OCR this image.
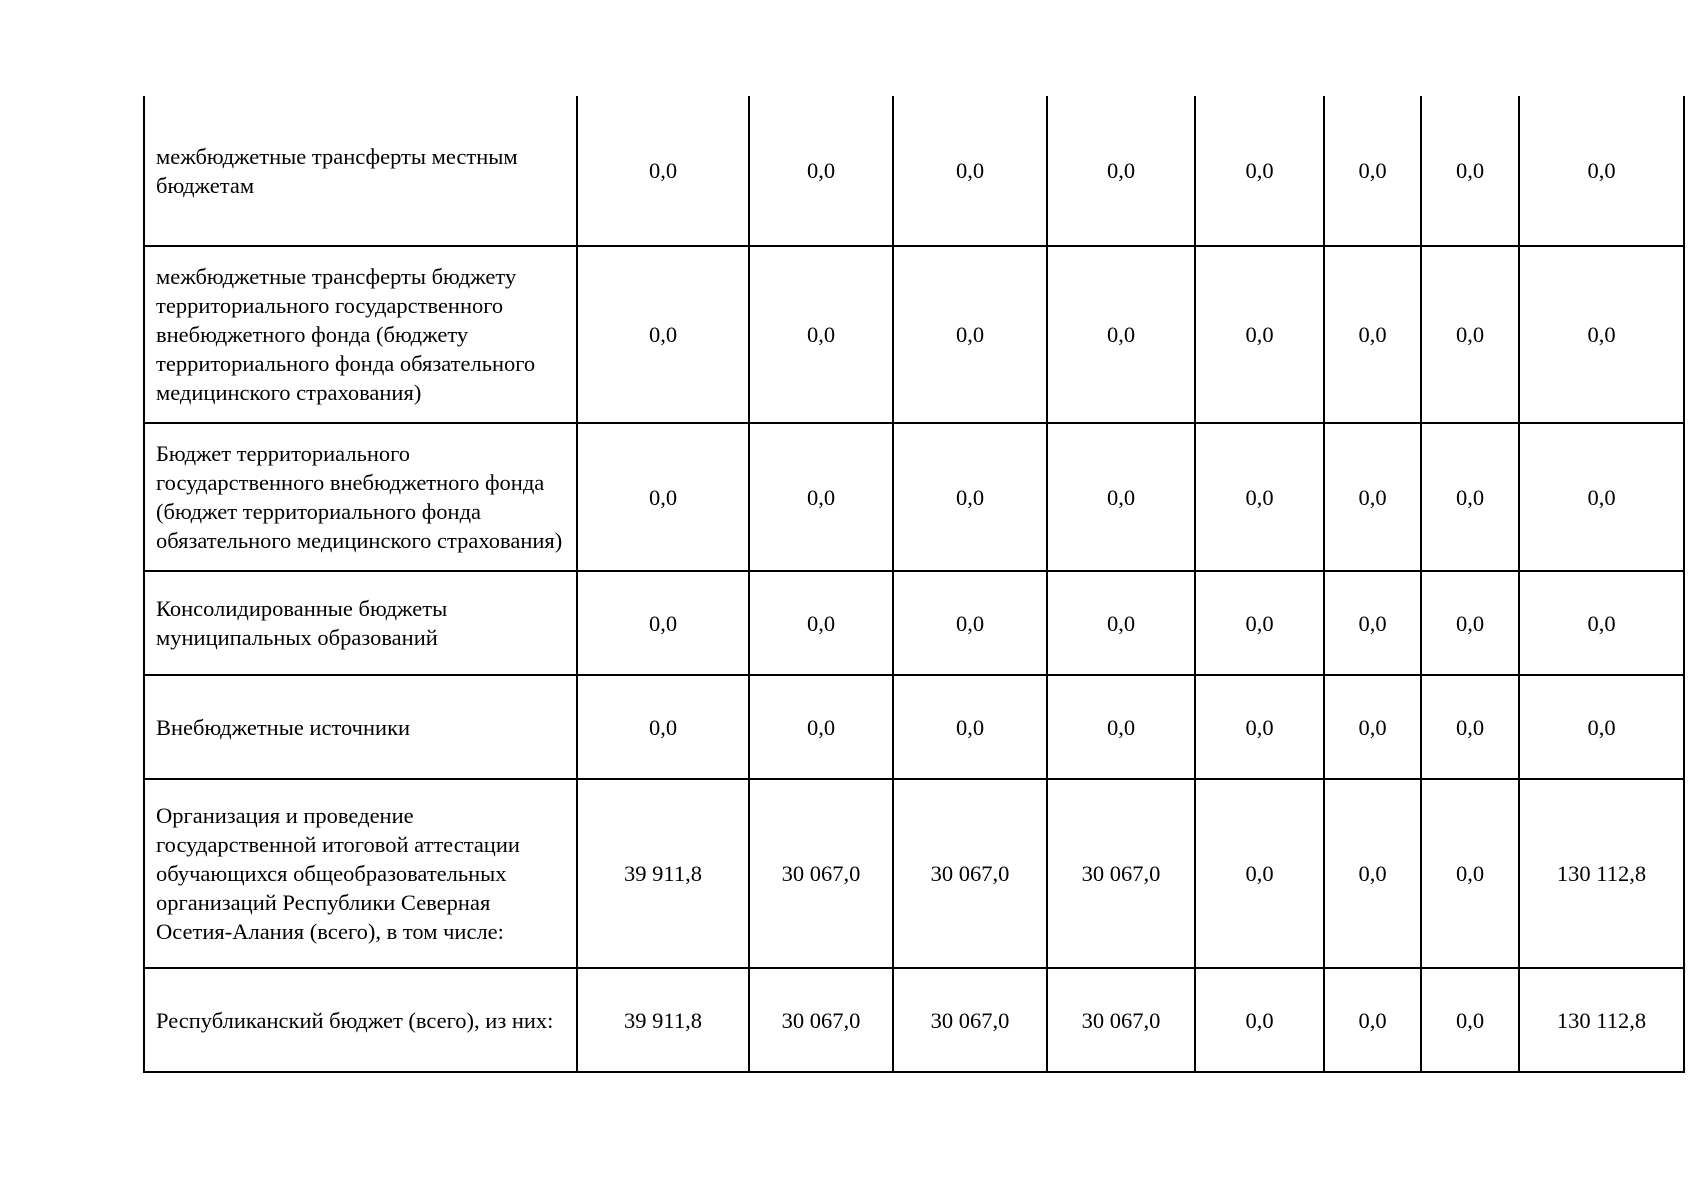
межбюджетные трансферты местным бюджетам	0,0	0,0	0,0	0,0	0,0	0,0	0,0	0,0
межбюджетные трансферты бюджету территориального государственного внебюджетного фонда (бюджету территориального фонда обязательного медицинского страхования)	0,0	0,0	0,0	0,0	0,0	0,0	0,0	0,0
Бюджет территориального государственного внебюджетного фонда (бюджет территориального фонда обязательного медицинского страхования)	0,0	0,0	0,0	0,0	0,0	0,0	0,0	0,0
Консолидированные бюджеты муниципальных образований	0,0	0,0	0,0	0,0	0,0	0,0	0,0	0,0
Внебюджетные источники	0,0	0,0	0,0	0,0	0,0	0,0	0,0	0,0
Организация и проведение государственной итоговой аттестации обучающихся общеобразовательных организаций Республики Северная Осетия-Алания (всего), в том числе:	39 911,8	30 067,0	30 067,0	30 067,0	0,0	0,0	0,0	130 112,8
Республиканский бюджет (всего), из них:	39 911,8	30 067,0	30 067,0	30 067,0	0,0	0,0	0,0	130 112,8
